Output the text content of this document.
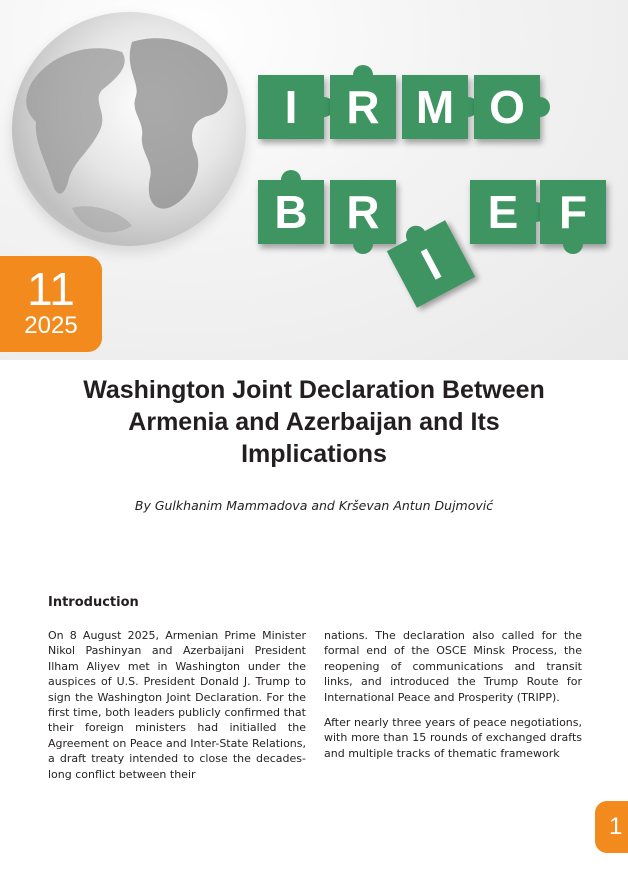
I	R M O
B R
I
E F
11
2025
Washington Joint Declaration Between
Armenia and Azerbaijan and Its
Implications

By Gulkhanim Mammadova and Krševan Antun Dujmović

Introduction

On 8 August 2025, Armenian Prime Minister Nikol Pashinyan and Azerbaijani President Ilham Aliyev met in Washington under the auspices of U.S. President Donald J. Trump to sign the Washington Joint Declaration. For the first time, both leaders publicly confirmed that their foreign ministers had initialled the Agreement on Peace and Inter-State Relations, a draft treaty intended to close the decades-long conflict between their

nations. The declaration also called for the formal end of the OSCE Minsk Process, the reopening of communications and transit links, and introduced the Trump Route for International Peace and Prosperity (TRIPP).

After nearly three years of peace negotiations, with more than 15 rounds of exchanged drafts and multiple tracks of thematic framework

1
